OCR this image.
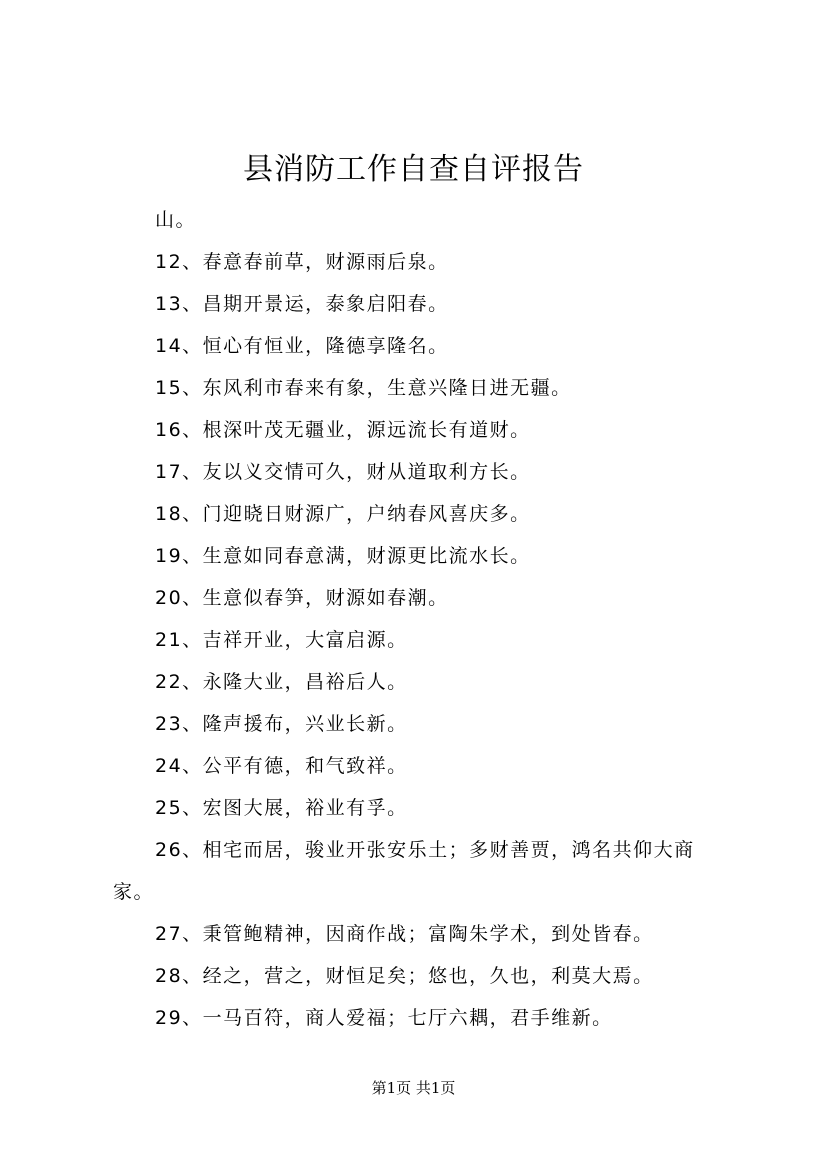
县消防工作自查自评报告

山。

12、春意春前草，财源雨后泉。

13、昌期开景运，泰象启阳春。

14、恒心有恒业，隆德享隆名。

15、东风利市春来有象，生意兴隆日进无疆。

16、根深叶茂无疆业，源远流长有道财。

17、友以义交情可久，财从道取利方长。

18、门迎晓日财源广，户纳春风喜庆多。

19、生意如同春意满，财源更比流水长。

20、生意似春笋，财源如春潮。

21、吉祥开业，大富启源。

22、永隆大业，昌裕后人。

23、隆声援布，兴业长新。

24、公平有德，和气致祥。

25、宏图大展，裕业有孚。

26、相宅而居，骏业开张安乐土；多财善贾，鸿名共仰大商家。

27、秉管鲍精神，因商作战；富陶朱学术，到处皆春。

28、经之，营之，财恒足矣；悠也，久也，利莫大焉。

29、一马百符，商人爱福；七厅六耦，君手维新。

第1页 共1页
